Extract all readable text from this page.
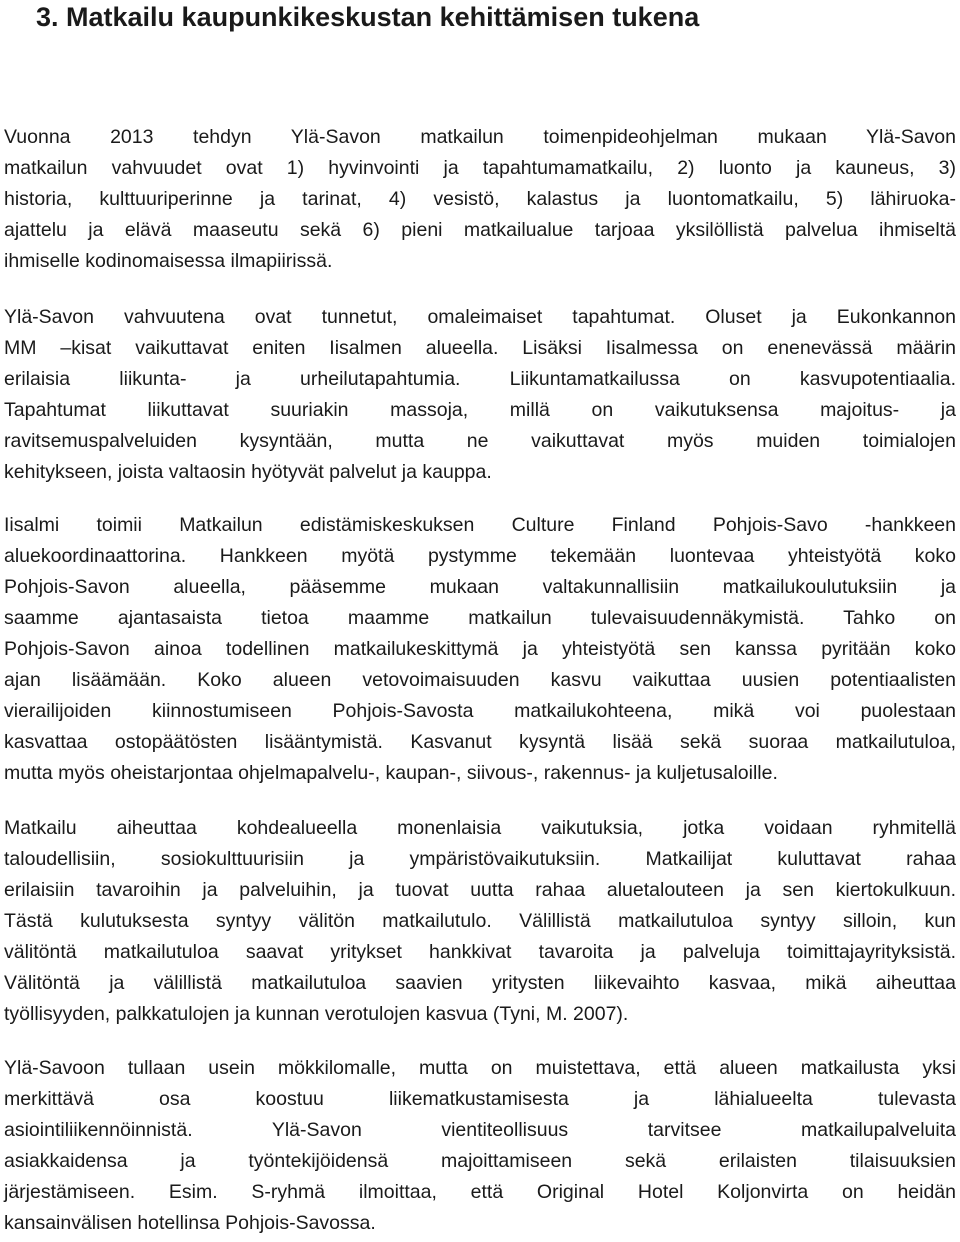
3. Matkailu kaupunkikeskustan kehittämisen tukena
Vuonna 2013 tehdyn Ylä-Savon matkailun toimenpideohjelman mukaan Ylä-Savon
matkailun vahvuudet ovat 1) hyvinvointi ja tapahtumamatkailu, 2) luonto ja kauneus, 3)
historia, kulttuuriperinne ja tarinat, 4) vesistö, kalastus ja luontomatkailu, 5) lähiruoka-
ajattelu ja elävä maaseutu sekä 6) pieni matkailualue tarjoaa yksilöllistä palvelua ihmiseltä
ihmiselle kodinomaisessa ilmapiirissä.
Ylä-Savon vahvuutena ovat tunnetut, omaleimaiset tapahtumat. Oluset ja Eukonkannon
MM –kisat vaikuttavat eniten Iisalmen alueella. Lisäksi Iisalmessa on enenevässä määrin
erilaisia liikunta- ja urheilutapahtumia. Liikuntamatkailussa on kasvupotentiaalia.
Tapahtumat liikuttavat suuriakin massoja, millä on vaikutuksensa majoitus- ja
ravitsemuspalveluiden kysyntään, mutta ne vaikuttavat myös muiden toimialojen
kehitykseen, joista valtaosin hyötyvät palvelut ja kauppa.
Iisalmi toimii Matkailun edistämiskeskuksen Culture Finland Pohjois-Savo -hankkeen
aluekoordinaattorina. Hankkeen myötä pystymme tekemään luontevaa yhteistyötä koko
Pohjois-Savon alueella, pääsemme mukaan valtakunnallisiin matkailukoulutuksiin ja
saamme ajantasaista tietoa maamme matkailun tulevaisuudennäkymistä. Tahko on
Pohjois-Savon ainoa todellinen matkailukeskittymä ja yhteistyötä sen kanssa pyritään koko
ajan lisäämään. Koko alueen vetovoimaisuuden kasvu vaikuttaa uusien potentiaalisten
vierailijoiden kiinnostumiseen Pohjois-Savosta matkailukohteena, mikä voi puolestaan
kasvattaa ostopäätösten lisääntymistä. Kasvanut kysyntä lisää sekä suoraa matkailutuloa,
mutta myös oheistarjontaa ohjelmapalvelu-, kaupan-, siivous-, rakennus- ja kuljetusaloille.
Matkailu aiheuttaa kohdealueella monenlaisia vaikutuksia, jotka voidaan ryhmitellä
taloudellisiin, sosiokulttuurisiin ja ympäristövaikutuksiin. Matkailijat kuluttavat rahaa
erilaisiin tavaroihin ja palveluihin, ja tuovat uutta rahaa aluetalouteen ja sen kiertokulkuun.
Tästä kulutuksesta syntyy välitön matkailutulo. Välillistä matkailutuloa syntyy silloin, kun
välitöntä matkailutuloa saavat yritykset hankkivat tavaroita ja palveluja toimittajayrityksistä.
Välitöntä ja välillistä matkailutuloa saavien yritysten liikevaihto kasvaa, mikä aiheuttaa
työllisyyden, palkkatulojen ja kunnan verotulojen kasvua (Tyni, M. 2007).
Ylä-Savoon tullaan usein mökkilomalle, mutta on muistettava, että alueen matkailusta yksi
merkittävä osa koostuu liikematkustamisesta ja lähialueelta tulevasta
asiointiliikennöinnistä. Ylä-Savon vientiteollisuus tarvitsee matkailupalveluita
asiakkaidensa ja työntekijöidensä majoittamiseen sekä erilaisten tilaisuuksien
järjestämiseen. Esim. S-ryhmä ilmoittaa, että Original Hotel Koljonvirta on heidän
kansainvälisen hotellinsa Pohjois-Savossa.
